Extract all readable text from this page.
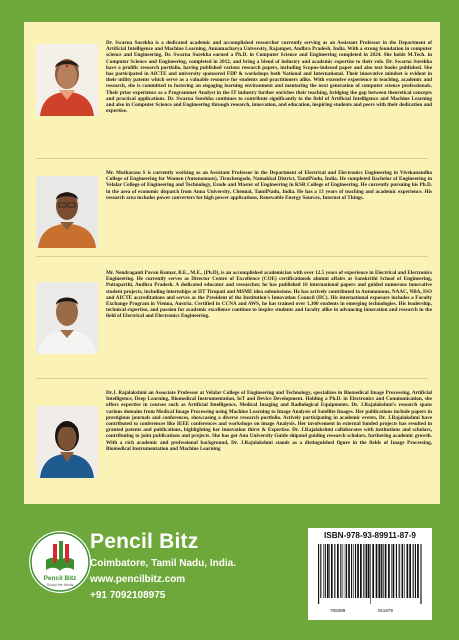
Dr. Swarna Surekha is a dedicated academic and accomplished researcher currently serving as an Assistant Professor in the Department of Artificial Intelligence and Machine Learning, Annamacharya University, Rajampet, Andhra Pradesh, India. With a strong foundation in computer science and Engineering, Dr. Swarna Surekha earned a Ph.D. in Computer Science and Engineering completed in 2024. She holds M.Tech. in Computer Science and Engineering, completed in 2012, and bring a blend of industry and academic expertise to their role. Dr. Swarna Surekha have a prolific research portfolio, having published various research papers, including Scopus-indexed paper and also text books published. She has participated in AICTE and university sponsored FDP & workshops both National and International. Their innovative mindset is evident in their utility patents which serve as a valuable resource for students and practitioners alike. With extensive experience in teaching, academic and research, she is committed to fostering an engaging learning environment and mentoring the next generation of computer science professionals. Their prior experience as a Programmer Analyst in the IT industry further enriches their teaching, bridging the gap between theoretical concepts and practical applications. Dr. Swarna Surekha continues to contribute significantly to the field of Artificial Intelligence and Machine Learning and also in Computer Science and Engineering through research, innovation, and education, inspiring students and peers with their dedication and expertise.

Mr. Mutharasu S is currently working as an Assistant Professor in the Department of Electrical and Electronics Engineering in Vivekanandha College of Engineering for Women (Autonomous), Tiruchengode, Namakkal District, TamilNadu, India. He completed Bachelor of Engineering in Velalar College of Engineering and Technology, Erode and Master of Engineering in KSR College of Engineering. He currently pursuing his Ph.D. in the area of economic dispatch from Anna University, Chennai, TamilNadu, India. He has a 13 years of teaching and academic experience. His research area includes power converters for high power applications, Renewable Energy Sources, Internet of Things.

Mr. Nendraganti Pavan Kumar, B.E., M.E., (Ph.D), is an accomplished academician with over 12.5 years of experience in Electrical and Electronics Engineering. He currently serves as Director Centre of Excellence (COE) certificationsk alumni affairs at Sanskrithi School of Engineering, Puttaparthi, Andhra Pradesh. A dedicated educator and researcher, he has published 16 international papers and guided numerous innovative student projects, including internships at IIT Tirupati and MSME idea submissions. He has actively contributed to Autonomous, NAAC, NBA, ISO and AICTE accreditations and serves as the President of the Institution's Innovation Council (IIC). His international exposure includes a Faculty Exchange Program in Vienna, Austria. Certified in CCNA and AWS, he has trained over 1,300 students in emerging technologies. His leadership, technical expertise, and passion for academic excellence continue to inspire students and faculty alike in advancing innovation and research in the field of Electrical and Electronics Engineering.

Dr.J. Rajalakshmi an Associate Professor at Velalar College of Engineering and Technology, specializes in Biomedical Image Processing, Artificial Intelligence, Deep Learning, Biomedical Instrumentation, IoT and Device Development. Holding a Ph.D. in Electronics and Communication, she offers expertise in courses such as Artificial Intelligence, Medical Imaging and Radiological Equipments. Dr. J.Rajalakshmi's research spans various domains from Medical Image Processing using Machine Learning to Image Analysis of Satellite Images. Her publications include papers in prestigious journals and conferences, showcasing a diverse research portfolio. Actively participating in academic events, Dr. J.Rajalakshmi have contributed to conferences like IEEE conferences and workshops on image Analysis. Her involvement in external funded projects has resulted in granted patents and publications, highlighting her innovation thirst & Expertise. Dr. J.Rajalakshmi collaborates with institutions and scholars, contributing to joint publications and projects. She has got Anu University Guide shipand guiding research scholars, furthering academic growth. With a rich academic and professional background, Dr. J.Rajalakshmi stands as a distinguished figure in the fields of Image Processing, Biomedical Instrumentation and Machine Learning

Pencil Bitz
Sculpt the Minds

Pencil Bitz

Coimbatore, Tamil Nadu, India.

www.pencilbitz.com

+91 7092108975

ISBN-978-93-89911-87-9

789389	911879
